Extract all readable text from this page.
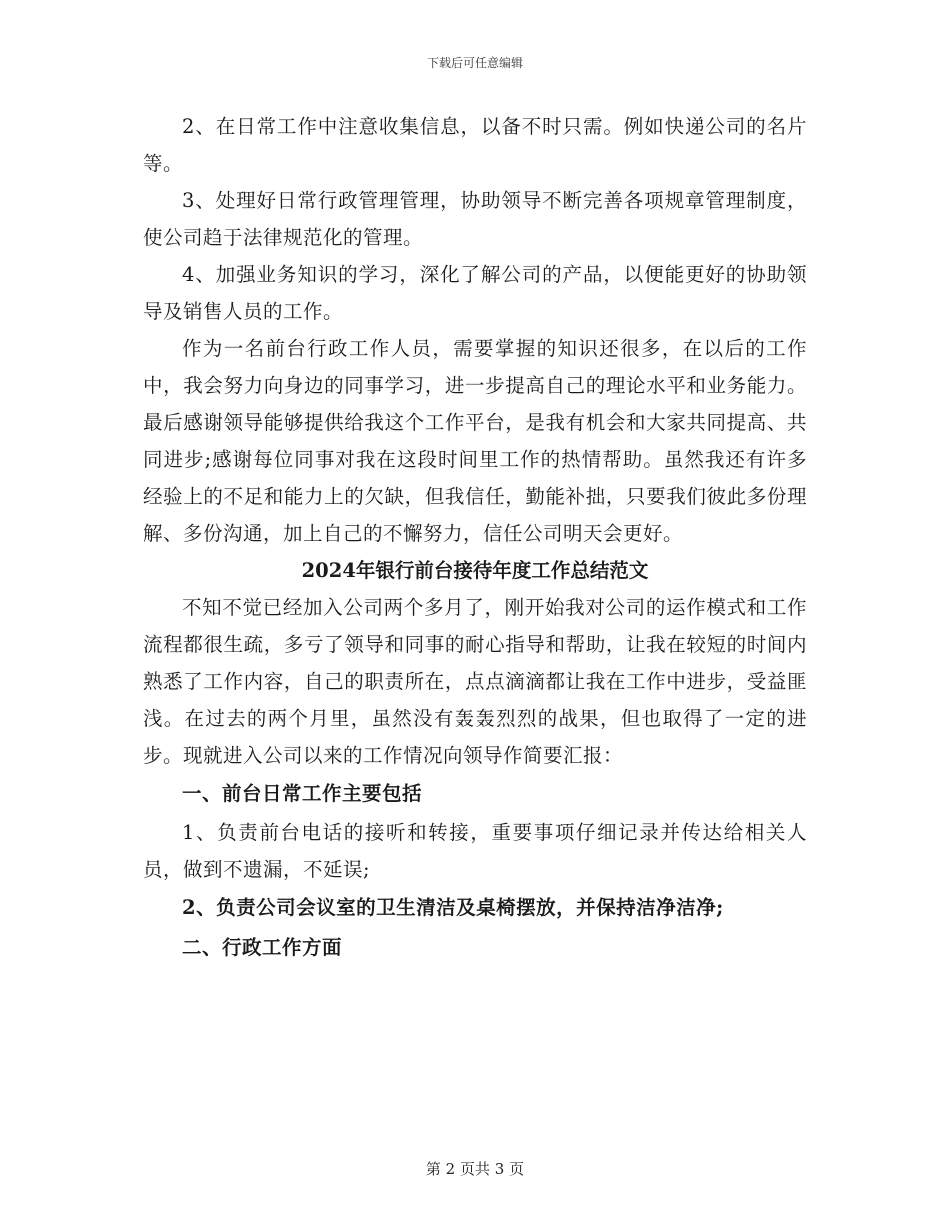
下载后可任意编辑

2、在日常工作中注意收集信息，以备不时只需。例如快递公司的名片等。

3、处理好日常行政管理管理，协助领导不断完善各项规章管理制度，使公司趋于法律规范化的管理。

4、加强业务知识的学习，深化了解公司的产品，以便能更好的协助领导及销售人员的工作。

作为一名前台行政工作人员，需要掌握的知识还很多，在以后的工作中，我会努力向身边的同事学习，进一步提高自己的理论水平和业务能力。最后感谢领导能够提供给我这个工作平台，是我有机会和大家共同提高、共同进步;感谢每位同事对我在这段时间里工作的热情帮助。虽然我还有许多经验上的不足和能力上的欠缺，但我信任，勤能补拙，只要我们彼此多份理解、多份沟通，加上自己的不懈努力，信任公司明天会更好。

2024年银行前台接待年度工作总结范文

不知不觉已经加入公司两个多月了，刚开始我对公司的运作模式和工作流程都很生疏，多亏了领导和同事的耐心指导和帮助，让我在较短的时间内熟悉了工作内容，自己的职责所在，点点滴滴都让我在工作中进步，受益匪浅。在过去的两个月里，虽然没有轰轰烈烈的战果，但也取得了一定的进步。现就进入公司以来的工作情况向领导作简要汇报：

一、前台日常工作主要包括

1、负责前台电话的接听和转接，重要事项仔细记录并传达给相关人员，做到不遗漏，不延误;

2、负责公司会议室的卫生清洁及桌椅摆放，并保持洁净洁净;

二、行政工作方面

第 2 页共 3 页
